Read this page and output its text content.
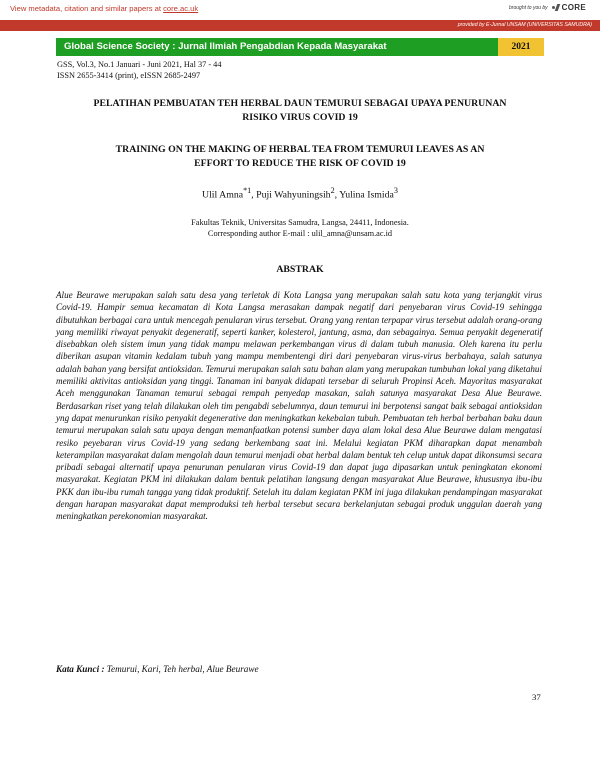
View metadata, citation and similar papers at core.ac.uk	brought to you by CORE
provided by E-Jurnal UNSAM (UNIVERSITAS SAMUDRA)
Global Science Society : Jurnal Ilmiah Pengabdian Kepada Masyarakat	2021
GSS, Vol.3, No.1 Januari - Juni 2021, Hal 37 - 44
ISSN 2655-3414 (print), eISSN 2685-2497
PELATIHAN PEMBUATAN TEH HERBAL DAUN TEMURUI SEBAGAI UPAYA PENURUNAN
RISIKO VIRUS COVID 19
TRAINING ON THE MAKING OF HERBAL TEA FROM TEMURUI LEAVES AS AN
EFFORT TO REDUCE THE RISK OF COVID 19
Ulil Amna$^{*1}$, Puji Wahyuningsih$^2$, Yulina Ismida$^3$
Fakultas Teknik, Universitas Samudra, Langsa, 24411, Indonesia.
Corresponding author E-mail : ulil_amna@unsam.ac.id
ABSTRAK

Alue Beurawe merupakan salah satu desa yang terletak di Kota Langsa yang merupakan salah satu kota yang terjangkit virus Covid-19. Hampir semua kecamatan di Kota Langsa merasakan dampak negatif dari penyebaran virus Covid-19 sehingga dibutuhkan berbagai cara untuk mencegah penularan virus tersebut. Orang yang rentan terpapar virus tersebut adalah orang-orang yang memiliki riwayat penyakit degeneratif, seperti kanker, kolesterol, jantung, asma, dan sebagainya. Semua penyakit degeneratif disebabkan oleh sistem imun yang tidak mampu melawan perkembangan virus di dalam tubuh manusia. Oleh karena itu perlu diberikan asupan vitamin kedalam tubuh yang mampu membentengi diri dari penyebaran virus-virus berbahaya, salah satunya adalah bahan yang bersifat antioksidan. Temurui merupakan salah satu bahan alam yang merupakan tumbuhan lokal yang diketahui memiliki aktivitas antioksidan yang tinggi. Tanaman ini banyak didapati tersebar di seluruh Propinsi Aceh. Mayoritas masyarakat Aceh menggunakan Tanaman temurui sebagai rempah penyedap masakan, salah satunya masyarakat Desa Alue Beurawe. Berdasarkan riset yang telah dilakukan oleh tim pengabdi sebelumnya, daun temurui ini berpotensi sangat baik sebagai antioksidan yng dapat menurunkan risiko penyakit degenerative dan meningkatkan kekebalan tubuh. Pembuatan teh herbal berbahan baku daun temurui merupakan salah satu upaya dengan memanfaatkan potensi sumber daya alam lokal desa Alue Beurawe dalam mengatasi resiko peyebaran virus Covid-19 yang sedang berkembang saat ini. Melalui kegiatan PKM diharapkan dapat menambah keterampilan masyarakat dalam mengolah daun temurui menjadi obat herbal dalam bentuk teh celup untuk dapat dikonsumsi secara pribadi sebagai alternatif upaya penurunan penularan virus Covid-19 dan dapat juga dipasarkan untuk peningkatan ekonomi masyarakat. Kegiatan PKM ini dilakukan dalam bentuk pelatihan langsung dengan masyarakat Alue Beurawe, khususnya ibu-ibu PKK dan ibu-ibu rumah tangga yang tidak produktif. Setelah itu dalam kegiatan PKM ini juga dilakukan pendampingan masyarakat dengan harapan masyarakat dapat memproduksi teh herbal tersebut secara berkelanjutan sebagai produk unggulan daerah yang meningkatkan perekonomian masyarakat.

Kata Kunci : Temurui, Kari, Teh herbal, Alue Beurawe
37
